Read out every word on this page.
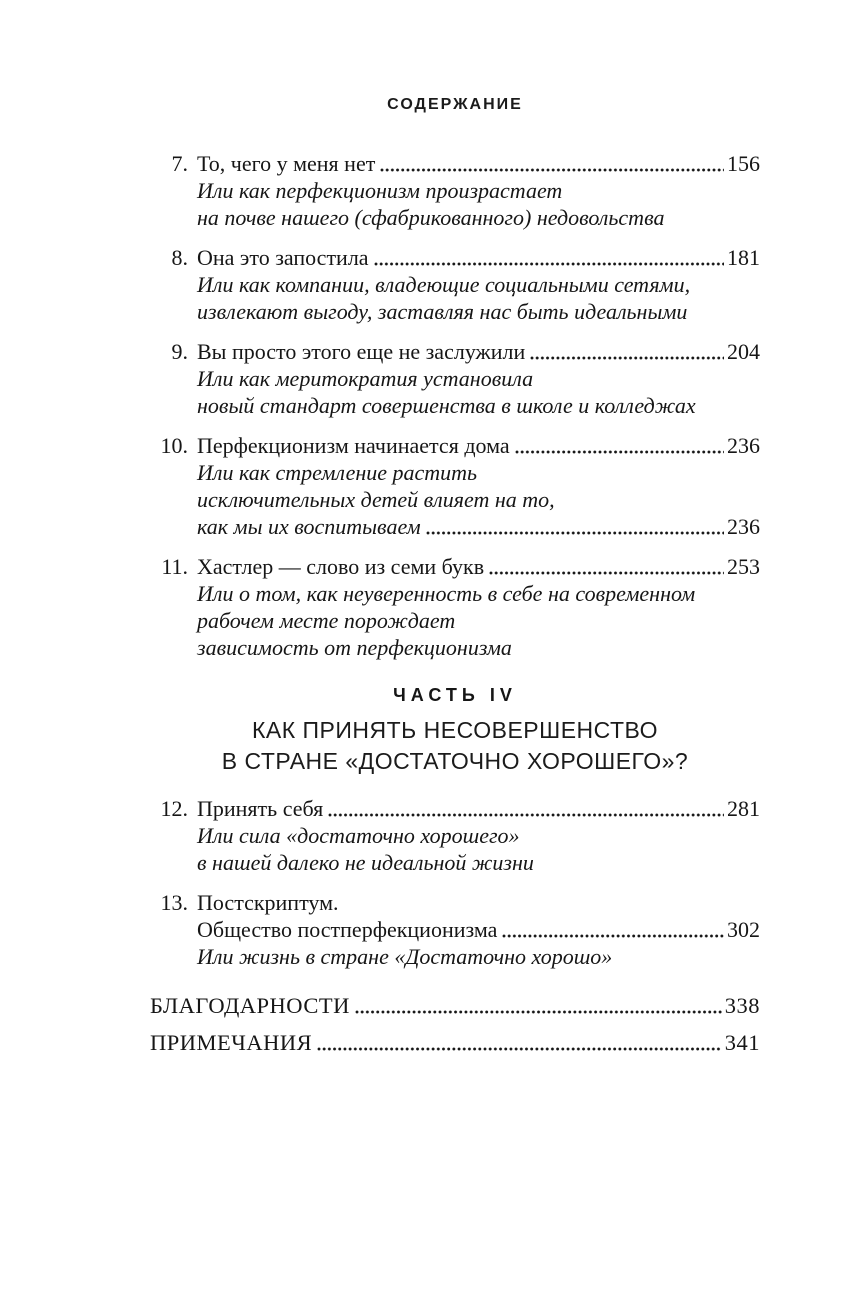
СОДЕРЖАНИЕ
7. То, чего у меня нет	156
Или как перфекционизм произрастает
на почве нашего (сфабрикованного) недовольства
8. Она это запостила	181
Или как компании, владеющие социальными сетями,
извлекают выгоду, заставляя нас быть идеальными
9. Вы просто этого еще не заслужили	204
Или как меритократия установила
новый стандарт совершенства в школе и колледжах
10. Перфекционизм начинается дома	236
Или как стремление растить
исключительных детей влияет на то,
как мы их воспитываем	236
11. Хастлер — слово из семи букв	253
Или о том, как неуверенность в себе на современном
рабочем месте порождает
зависимость от перфекционизма
ЧАСТЬ IV
КАК ПРИНЯТЬ НЕСОВЕРШЕНСТВО
В СТРАНЕ «ДОСТАТОЧНО ХОРОШЕГО»?
12. Принять себя	281
Или сила «достаточно хорошего»
в нашей далеко не идеальной жизни
13. Постскриптум.
Общество постперфекционизма	302
Или жизнь в стране «Достаточно хорошо»
БЛАГОДАРНОСТИ	338
ПРИМЕЧАНИЯ	341
